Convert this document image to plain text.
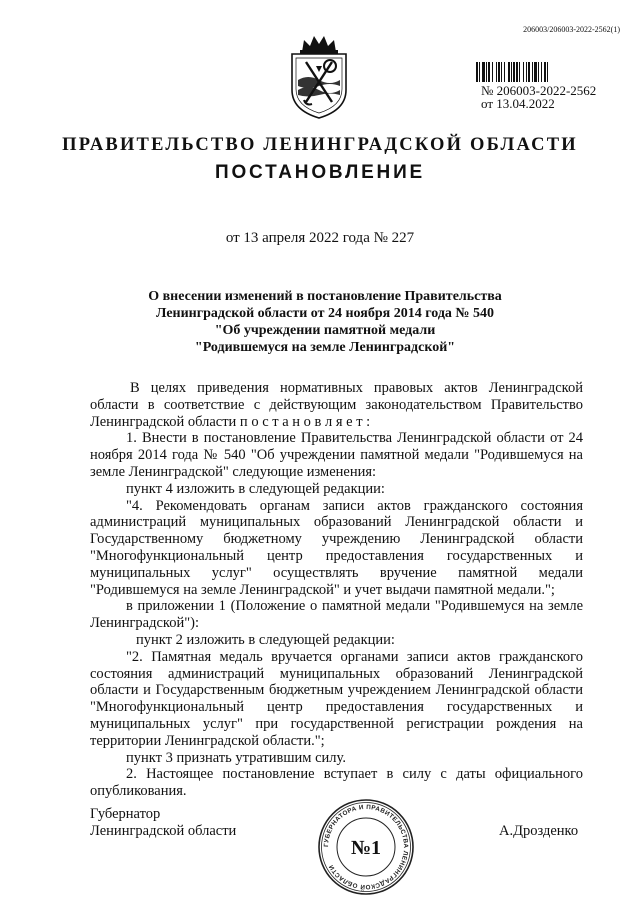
206003/206003-2022-2562(1)
№ 206003-2022-2562
от 13.04.2022
ПРАВИТЕЛЬСТВО ЛЕНИНГРАДСКОЙ ОБЛАСТИ
ПОСТАНОВЛЕНИЕ
от 13 апреля 2022 года № 227
О внесении изменений в постановление Правительства
Ленинградской области от 24 ноября 2014 года № 540
"Об учреждении памятной медали
"Родившемуся на земле Ленинградской"

В целях приведения нормативных правовых актов Ленинградской области в соответствие с действующим законодательством Правительство Ленинградской области п о с т а н о в л я е т :

1. Внести в постановление Правительства Ленинградской области от 24 ноября 2014 года № 540 "Об учреждении памятной медали "Родившемуся на земле Ленинградской" следующие изменения:

пункт 4 изложить в следующей редакции:

"4. Рекомендовать органам записи актов гражданского состояния администраций муниципальных образований Ленинградской области и Государственному бюджетному учреждению Ленинградской области "Многофункциональный центр предоставления государственных и муниципальных услуг" осуществлять вручение памятной медали "Родившемуся на земле Ленинградской" и учет выдачи памятной медали.";

в приложении 1 (Положение о памятной медали "Родившемуся на земле Ленинградской"):

пункт 2 изложить в следующей редакции:

"2. Памятная медаль вручается органами записи актов гражданского состояния администраций муниципальных образований Ленинградской области и Государственным бюджетным учреждением Ленинградской области "Многофункциональный центр предоставления государственных и муниципальных услуг" при государственной регистрации рождения на территории Ленинградской области.";

пункт 3 признать утратившим силу.

2. Настоящее постановление вступает в силу с даты официального опубликования.

Губернатор
Ленинградской области	А.Дрозденко
ГУБЕРНАТОРА И ПРАВИТЕЛЬСТВА ЛЕНИНГРАДСКОЙ ОБЛАСТИ
№1
